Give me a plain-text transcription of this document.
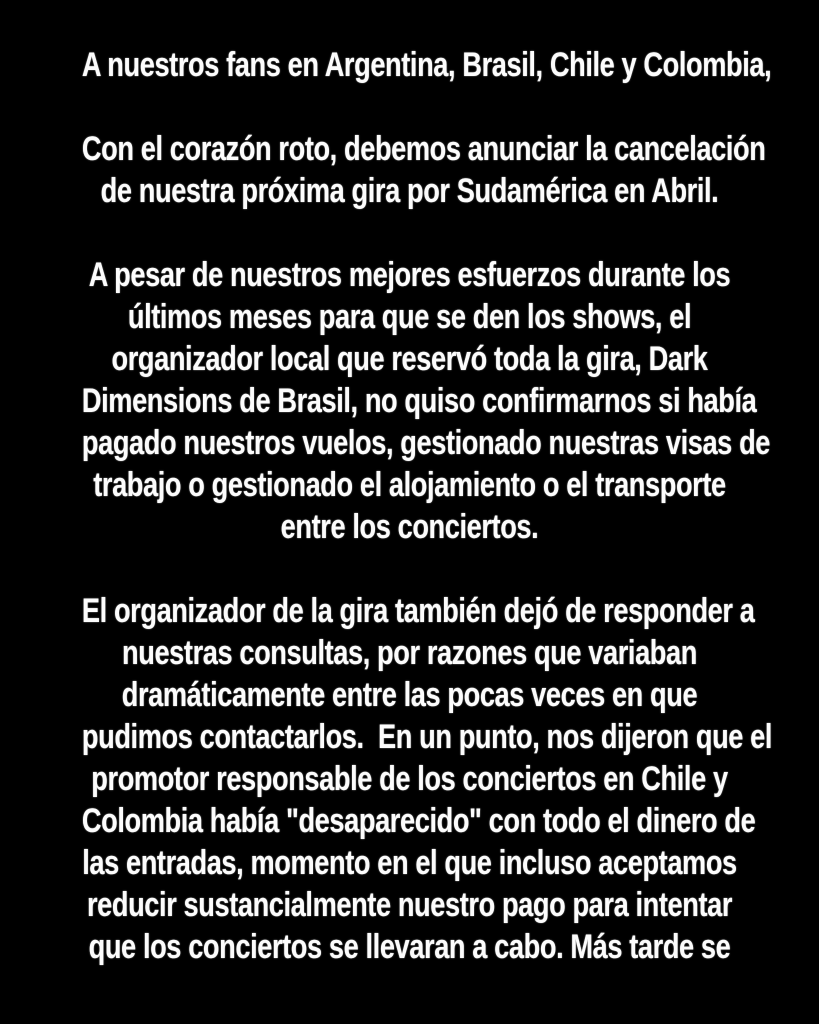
A nuestros fans en Argentina, Brasil, Chile y Colombia,
Con el corazón roto, debemos anunciar la cancelación
de nuestra próxima gira por Sudamérica en Abril.
A pesar de nuestros mejores esfuerzos durante los
últimos meses para que se den los shows, el
organizador local que reservó toda la gira, Dark
Dimensions de Brasil, no quiso confirmarnos si había
pagado nuestros vuelos, gestionado nuestras visas de
trabajo o gestionado el alojamiento o el transporte
entre los conciertos.
El organizador de la gira también dejó de responder a
nuestras consultas, por razones que variaban
dramáticamente entre las pocas veces en que
pudimos contactarlos.  En un punto, nos dijeron que el
promotor responsable de los conciertos en Chile y
Colombia había "desaparecido" con todo el dinero de
las entradas, momento en el que incluso aceptamos
reducir sustancialmente nuestro pago para intentar
que los conciertos se llevaran a cabo. Más tarde se
